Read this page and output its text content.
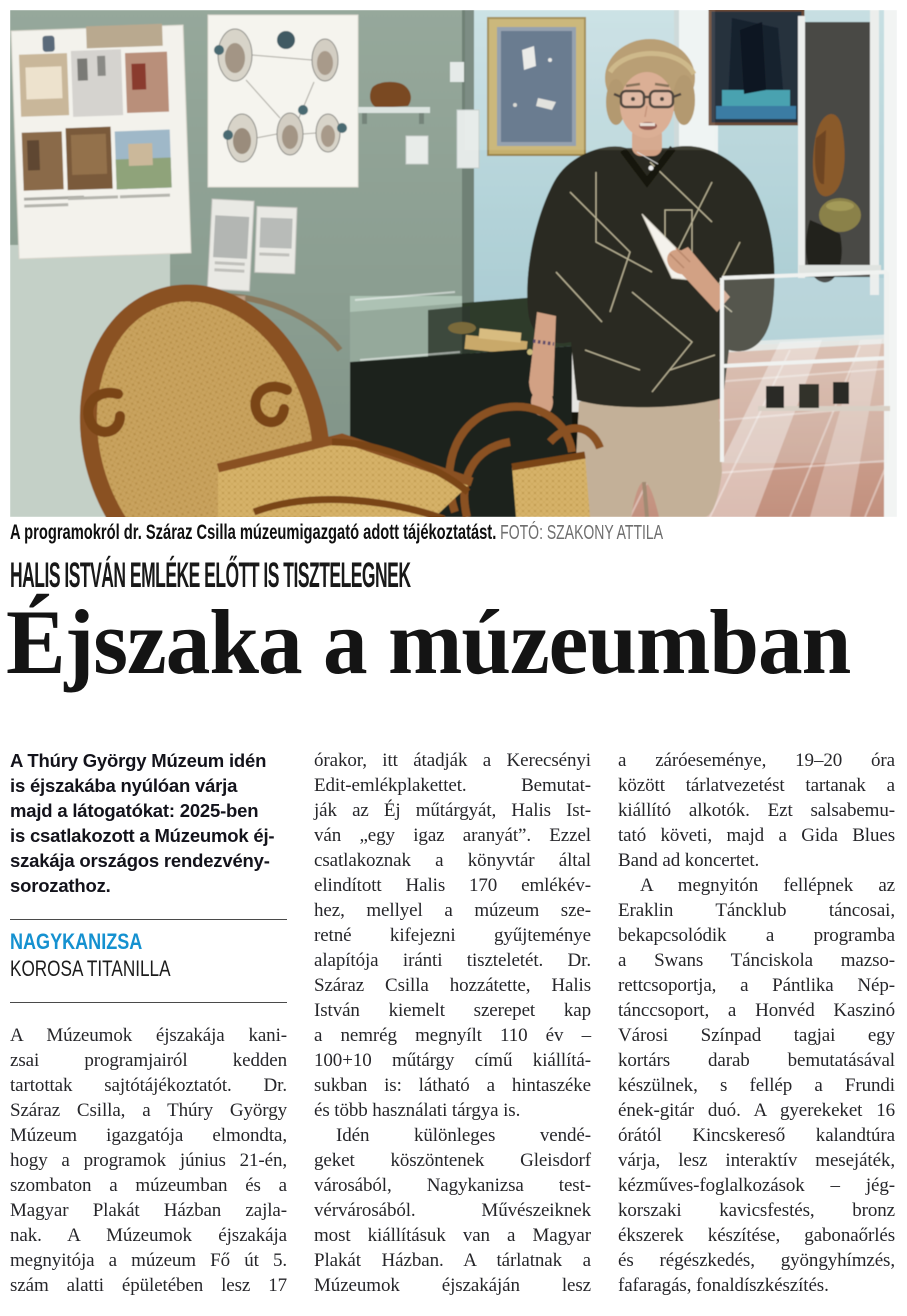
A programokról dr. Száraz Csilla múzeumigazgató adott tájékoztatást. FOTÓ: SZAKONY ATTILA
HALIS ISTVÁN EMLÉKE ELŐTT IS TISZTELEGNEK
Éjszaka a múzeumban
A Thúry György Múzeum idén
is éjszakába nyúlóan várja
majd a látogatókat: 2025-ben
is csatlakozott a Múzeumok éj-
szakája országos rendezvény-
sorozathoz.
NAGYKANIZSA
KOROSA TITANILLA
A Múzeumok éjszakája kani-
zsai programjairól kedden
tartottak sajtótájékoztatót. Dr.
Száraz Csilla, a Thúry György
Múzeum igazgatója elmondta,
hogy a programok június 21-én,
szombaton a múzeumban és a
Magyar Plakát Házban zajla-
nak. A Múzeumok éjszakája
megnyitója a múzeum Fő út 5.
szám alatti épületében lesz 17
órakor, itt átadják a Kerecsényi
Edit-emlékplakettet. Bemutat-
ják az Éj műtárgyát, Halis Ist-
ván „egy igaz aranyát”. Ezzel
csatlakoznak a könyvtár által
elindított Halis 170 emlékév-
hez, mellyel a múzeum sze-
retné kifejezni gyűjteménye
alapítója iránti tiszteletét. Dr.
Száraz Csilla hozzátette, Halis
István kiemelt szerepet kap
a nemrég megnyílt 110 év –
100+10 műtárgy című kiállítá-
sukban is: látható a hintaszéke
és több használati tárgya is.
Idén különleges vendé-
geket köszöntenek Gleisdorf
városából, Nagykanizsa test-
vérvárosából. Művészeiknek
most kiállításuk van a Magyar
Plakát Házban. A tárlatnak a
Múzeumok éjszakáján lesz
a záróeseménye, 19–20 óra
között tárlatvezetést tartanak a
kiállító alkotók. Ezt salsabemu-
tató követi, majd a Gida Blues
Band ad koncertet.
A megnyitón fellépnek az
Eraklin Táncklub táncosai,
bekapcsolódik a programba
a Swans Tánciskola mazso-
rettcsoportja, a Pántlika Nép-
tánccsoport, a Honvéd Kaszinó
Városi Színpad tagjai egy
kortárs darab bemutatásával
készülnek, s fellép a Frundi
ének-gitár duó. A gyerekeket 16
órától Kincskereső kalandtúra
várja, lesz interaktív mesejáték,
kézműves-foglalkozások – jég-
korszaki kavicsfestés, bronz
ékszerek készítése, gabonaőrlés
és régészkedés, gyöngyhímzés,
fafaragás, fonaldíszkészítés.
